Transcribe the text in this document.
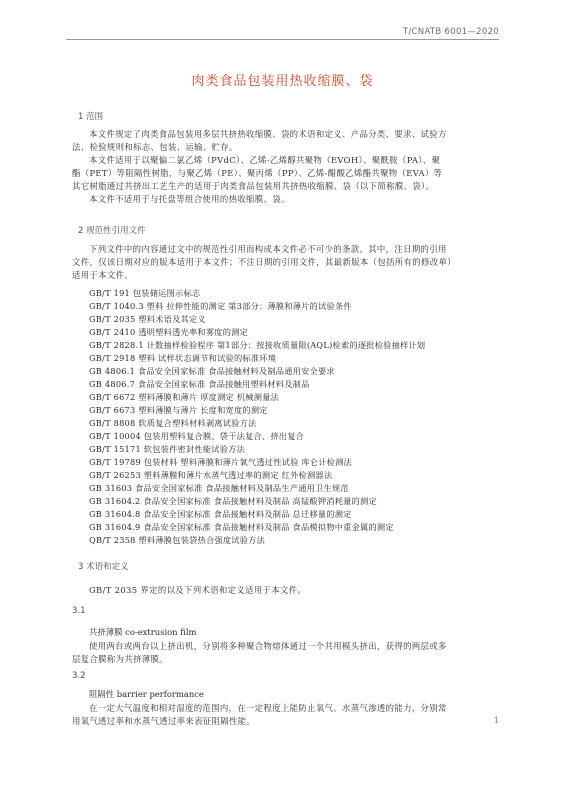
T/CNATB 6001—2020
肉类食品包装用热收缩膜、袋
1 范围
本文件规定了肉类食品包装用多层共挤热收缩膜、袋的术语和定义、产品分类、要求、试验方
法、检验规则和标志、包装、运输、贮存。
本文件适用于以聚偏二氯乙烯（PVdC）、乙烯-乙烯醇共聚物（EVOH）、聚酰胺（PA）、聚
酯（PET）等阻隔性树脂，与聚乙烯（PE）、聚丙烯（PP）、乙烯-醋酸乙烯酯共聚物（EVA）等
其它树脂通过共挤出工艺生产的适用于肉类食品包装用共挤热收缩膜、袋（以下简称膜、袋）。
本文件不适用于与托盘等组合使用的热收缩膜、袋。
2 规范性引用文件
下列文件中的内容通过文中的规范性引用而构成本文件必不可少的条款。其中，注日期的引用
文件，仅该日期对应的版本适用于本文件；不注日期的引用文件，其最新版本（包括所有的修改单）
适用于本文件。
GB/T 191 包装储运图示标志
GB/T 1040.3 塑料 拉伸性能的测定 第3部分：薄膜和薄片的试验条件
GB/T 2035 塑料术语及其定义
GB/T 2410 透明塑料透光率和雾度的测定
GB/T 2828.1 计数抽样检验程序 第1部分：按接收质量限(AQL)检索的逐批检验抽样计划
GB/T 2918 塑料 试样状态调节和试验的标准环境
GB 4806.1 食品安全国家标准 食品接触材料及制品通用安全要求
GB 4806.7 食品安全国家标准 食品接触用塑料材料及制品
GB/T 6672 塑料薄膜和薄片 厚度测定 机械测量法
GB/T 6673 塑料薄膜与薄片 长度和宽度的测定
GB/T 8808 软质复合塑料材料剥离试验方法
GB/T 10004 包装用塑料复合膜、袋干法复合、挤出复合
GB/T 15171 软包装件密封性能试验方法
GB/T 19789 包装材料 塑料薄膜和薄片氧气透过性试验 库仑计检测法
GB/T 26253 塑料薄膜和薄片水蒸气透过率的测定 红外检测器法
GB 31603 食品安全国家标准 食品接触材料及制品生产通用卫生规范
GB 31604.2 食品安全国家标准 食品接触材料及制品 高锰酸钾消耗量的测定
GB 31604.8 食品安全国家标准 食品接触材料及制品 总迁移量的测定
GB 31604.9 食品安全国家标准 食品接触材料及制品 食品模拟物中重金属的测定
QB/T 2358 塑料薄膜包装袋热合强度试验方法
3 术语和定义
GB/T 2035 界定的以及下列术语和定义适用于本文件。
3.1
共挤薄膜 co-extrusion film
使用两台或两台以上挤出机，分别将多种聚合物熔体通过一个共用模头挤出，获得的两层或多
层复合膜称为共挤薄膜。
3.2
阻隔性 barrier performance
在一定大气温度和相对湿度的范围内，在一定程度上能防止氧气、水蒸气渗透的能力，分别常
用氧气透过率和水蒸气透过率来表征阻隔性能。	1
